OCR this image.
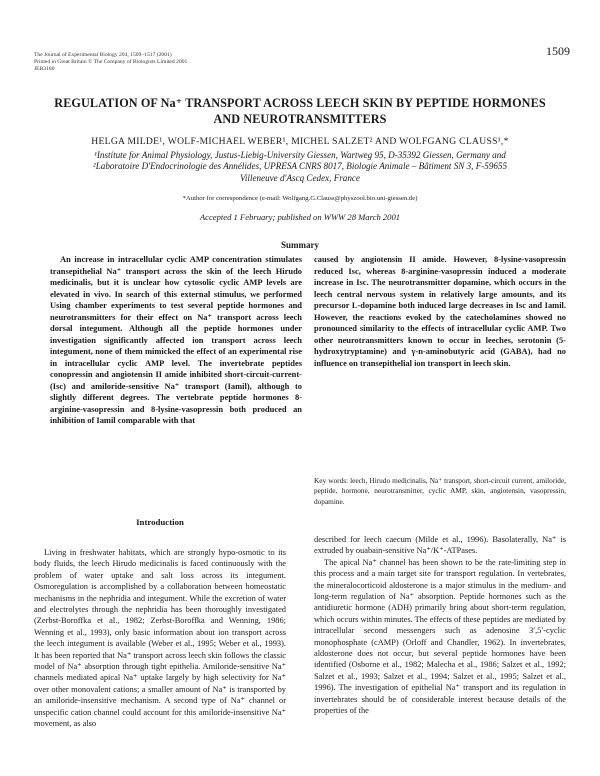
The Journal of Experimental Biology 204, 1509–1517 (2001)
Printed in Great Britain © The Company of Biologists Limited 2001
JEB3180
1509
REGULATION OF Na⁺ TRANSPORT ACROSS LEECH SKIN BY PEPTIDE HORMONES
AND NEUROTRANSMITTERS
HELGA MILDE¹, WOLF-MICHAEL WEBER¹, MICHEL SALZET² AND WOLFGANG CLAUSS¹,*
¹Institute for Animal Physiology, Justus-Liebig-University Giessen, Wartweg 95, D-35392 Giessen, Germany and
²Laboratoire D'Endocrinologie des Annélides, UPRESA CNRS 8017, Biologie Animale – Bâtiment SN 3, F-59655
Villeneuve d'Ascq Cedex, France
*Author for correspondence (e-mail: Wolfgang.G.Clauss@physzool.bio.uni-giessen.de)
Accepted 1 February; published on WWW 28 March 2001
Summary

An increase in intracellular cyclic AMP concentration stimulates transepithelial Na⁺ transport across the skin of the leech Hirudo medicinalis, but it is unclear how cytosolic cyclic AMP levels are elevated in vivo. In search of this external stimulus, we performed Using chamber experiments to test several peptide hormones and neurotransmitters for their effect on Na⁺ transport across leech dorsal integument. Although all the peptide hormones under investigation significantly affected ion transport across leech integument, none of them mimicked the effect of an experimental rise in intracellular cyclic AMP level. The invertebrate peptides conopressin and angiotensin II amide inhibited short-circuit-current- (Isc) and amiloride-sensitive Na⁺ transport (Iamil), although to slightly different degrees. The vertebrate peptide hormones 8-arginine-vasopressin and 8-lysine-vasopressin both produced an inhibition of Iamil comparable with that

caused by angiotensin II amide. However, 8-lysine-vasopressin reduced Isc, whereas 8-arginine-vasopressin induced a moderate increase in Isc. The neurotransmitter dopamine, which occurs in the leech central nervous system in relatively large amounts, and its precursor L-dopamine both induced large decreases in Isc and Iamil. However, the reactions evoked by the catecholamines showed no pronounced similarity to the effects of intracellular cyclic AMP. Two other neurotransmitters known to occur in leeches, serotonin (5-hydroxytryptamine) and γ-n-aminobutyric acid (GABA), had no influence on transepithelial ion transport in leech skin.

Key words: leech, Hirudo medicinalis, Na⁺ transport, short-circuit current, amiloride, peptide, hormone, neurotransmitter, cyclic AMP, skin, angiotensin, vasopressin, dopamine.
Introduction

Living in freshwater habitats, which are strongly hypo-osmotic to its body fluids, the leech Hirudo medicinalis is faced continuously with the problem of water uptake and salt loss across its integument. Osmoregulation is accomplished by a collaboration between homeostatic mechanisms in the nephridia and integument. While the excretion of water and electrolytes through the nephridia has been thoroughly investigated (Zerbst-Boroffka et al., 1982; Zerbst-Boroffka and Wenning, 1986; Wenning et al., 1993), only basic information about ion transport across the leech integument is available (Weber et al., 1995; Weber et al., 1993). It has been reported that Na⁺ transport across leech skin follows the classic model of Na⁺ absorption through tight epithelia. Amiloride-sensitive Na⁺ channels mediated apical Na⁺ uptake largely by high selectivity for Na⁺ over other monovalent cations; a smaller amount of Na⁺ is transported by an amiloride-insensitive mechanism. A second type of Na⁺ channel or unspecific cation channel could account for this amiloride-insensitive Na⁺ movement, as also

described for leech caecum (Milde et al., 1996). Basolaterally, Na⁺ is extruded by ouabain-sensitive Na⁺/K⁺-ATPases.

The apical Na⁺ channel has been shown to be the rate-limiting step in this process and a main target site for transport regulation. In vertebrates, the mineralocorticoid aldosterone is a major stimulus in the medium- and long-term regulation of Na⁺ absorption. Peptide hormones such as the antidiuretic hormone (ADH) primarily bring about short-term regulation, which occurs within minutes. The effects of these peptides are mediated by intracellular second messengers such as adenosine 3′,5′-cyclic monophosphate (cAMP) (Orloff and Chandler, 1962). In invertebrates, aldosterone does not occur, but several peptide hormones have been identified (Osborne et al., 1982; Malecha et al., 1986; Salzet et al., 1992; Salzet et al., 1993; Salzet et al., 1994; Salzet et al., 1995; Salzet et al., 1996). The investigation of epithelial Na⁺ transport and its regulation in invertebrates should be of considerable interest because details of the properties of the
